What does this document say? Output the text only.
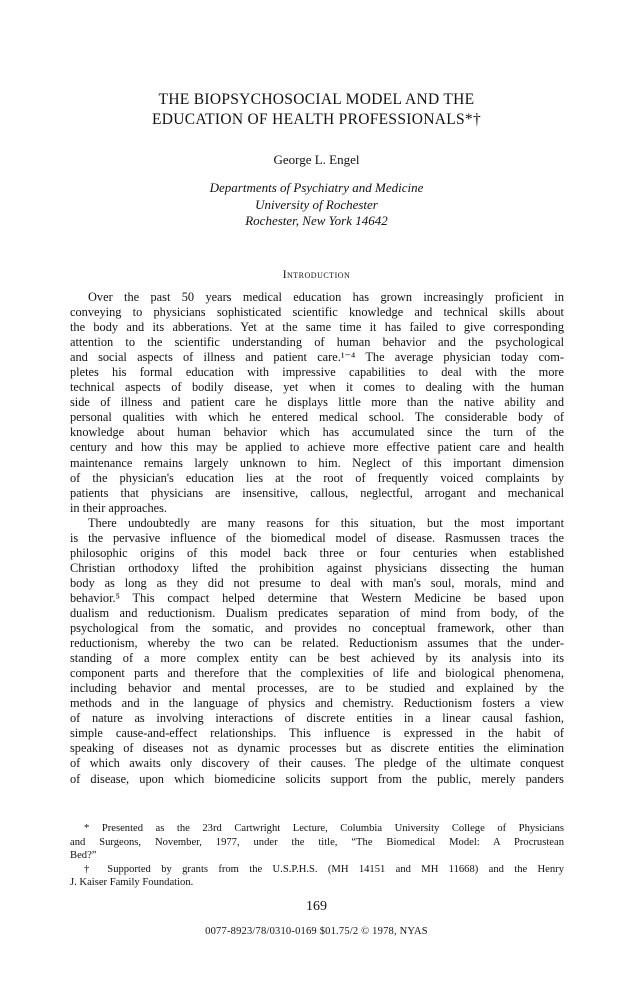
THE BIOPSYCHOSOCIAL MODEL AND THE
EDUCATION OF HEALTH PROFESSIONALS*†
George L. Engel
Departments of Psychiatry and Medicine
University of Rochester
Rochester, New York 14642
Introduction
Over the past 50 years medical education has grown increasingly proficient in
conveying to physicians sophisticated scientific knowledge and technical skills about
the body and its abberations. Yet at the same time it has failed to give corresponding
attention to the scientific understanding of human behavior and the psychological
and social aspects of illness and patient care.¹⁻⁴ The average physician today com-
pletes his formal education with impressive capabilities to deal with the more
technical aspects of bodily disease, yet when it comes to dealing with the human
side of illness and patient care he displays little more than the native ability and
personal qualities with which he entered medical school. The considerable body of
knowledge about human behavior which has accumulated since the turn of the
century and how this may be applied to achieve more effective patient care and health
maintenance remains largely unknown to him. Neglect of this important dimension
of the physician's education lies at the root of frequently voiced complaints by
patients that physicians are insensitive, callous, neglectful, arrogant and mechanical
in their approaches.
There undoubtedly are many reasons for this situation, but the most important
is the pervasive influence of the biomedical model of disease. Rasmussen traces the
philosophic origins of this model back three or four centuries when established
Christian orthodoxy lifted the prohibition against physicians dissecting the human
body as long as they did not presume to deal with man's soul, morals, mind and
behavior.⁵ This compact helped determine that Western Medicine be based upon
dualism and reductionism. Dualism predicates separation of mind from body, of the
psychological from the somatic, and provides no conceptual framework, other than
reductionism, whereby the two can be related. Reductionism assumes that the under-
standing of a more complex entity can be best achieved by its analysis into its
component parts and therefore that the complexities of life and biological phenomena,
including behavior and mental processes, are to be studied and explained by the
methods and in the language of physics and chemistry. Reductionism fosters a view
of nature as involving interactions of discrete entities in a linear causal fashion,
simple cause-and-effect relationships. This influence is expressed in the habit of
speaking of diseases not as dynamic processes but as discrete entities the elimination
of which awaits only discovery of their causes. The pledge of the ultimate conquest
of disease, upon which biomedicine solicits support from the public, merely panders
* Presented as the 23rd Cartwright Lecture, Columbia University College of Physicians
and Surgeons, November, 1977, under the title, “The Biomedical Model: A Procrustean
Bed?”
† Supported by grants from the U.S.P.H.S. (MH 14151 and MH 11668) and the Henry
J. Kaiser Family Foundation.
169
0077-8923/78/0310-0169 $01.75/2 © 1978, NYAS
